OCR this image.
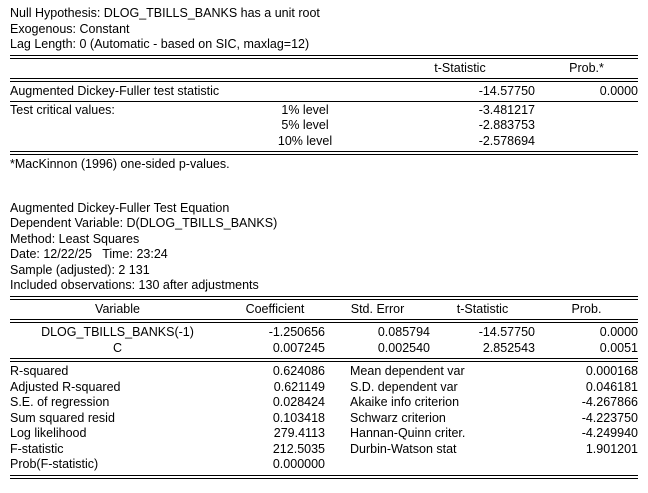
Null Hypothesis: DLOG_TBILLS_BANKS has a unit root
Exogenous: Constant
Lag Length: 0 (Automatic - based on SIC, maxlag=12)
t-Statistic	Prob.*
Augmented Dickey-Fuller test statistic	-14.57750	0.0000
Test critical values:	1% level	-3.481217
5% level	-2.883753
10% level	-2.578694
*MacKinnon (1996) one-sided p-values.
Augmented Dickey-Fuller Test Equation
Dependent Variable: D(DLOG_TBILLS_BANKS)
Method: Least Squares
Date: 12/22/25   Time: 23:24
Sample (adjusted): 2 131
Included observations: 130 after adjustments
Variable	Coefficient	Std. Error	t-Statistic	Prob.
DLOG_TBILLS_BANKS(-1)	-1.250656	0.085794	-14.57750	0.0000
C	0.007245	0.002540	2.852543	0.0051
R-squared	0.624086 Mean dependent var	0.000168
Adjusted R-squared	0.621149 S.D. dependent var	0.046181
S.E. of regression	0.028424 Akaike info criterion	-4.267866
Sum squared resid	0.103418 Schwarz criterion	-4.223750
Log likelihood	279.4113 Hannan-Quinn criter.	-4.249940
F-statistic	212.5035 Durbin-Watson stat	1.901201
Prob(F-statistic)	0.000000
